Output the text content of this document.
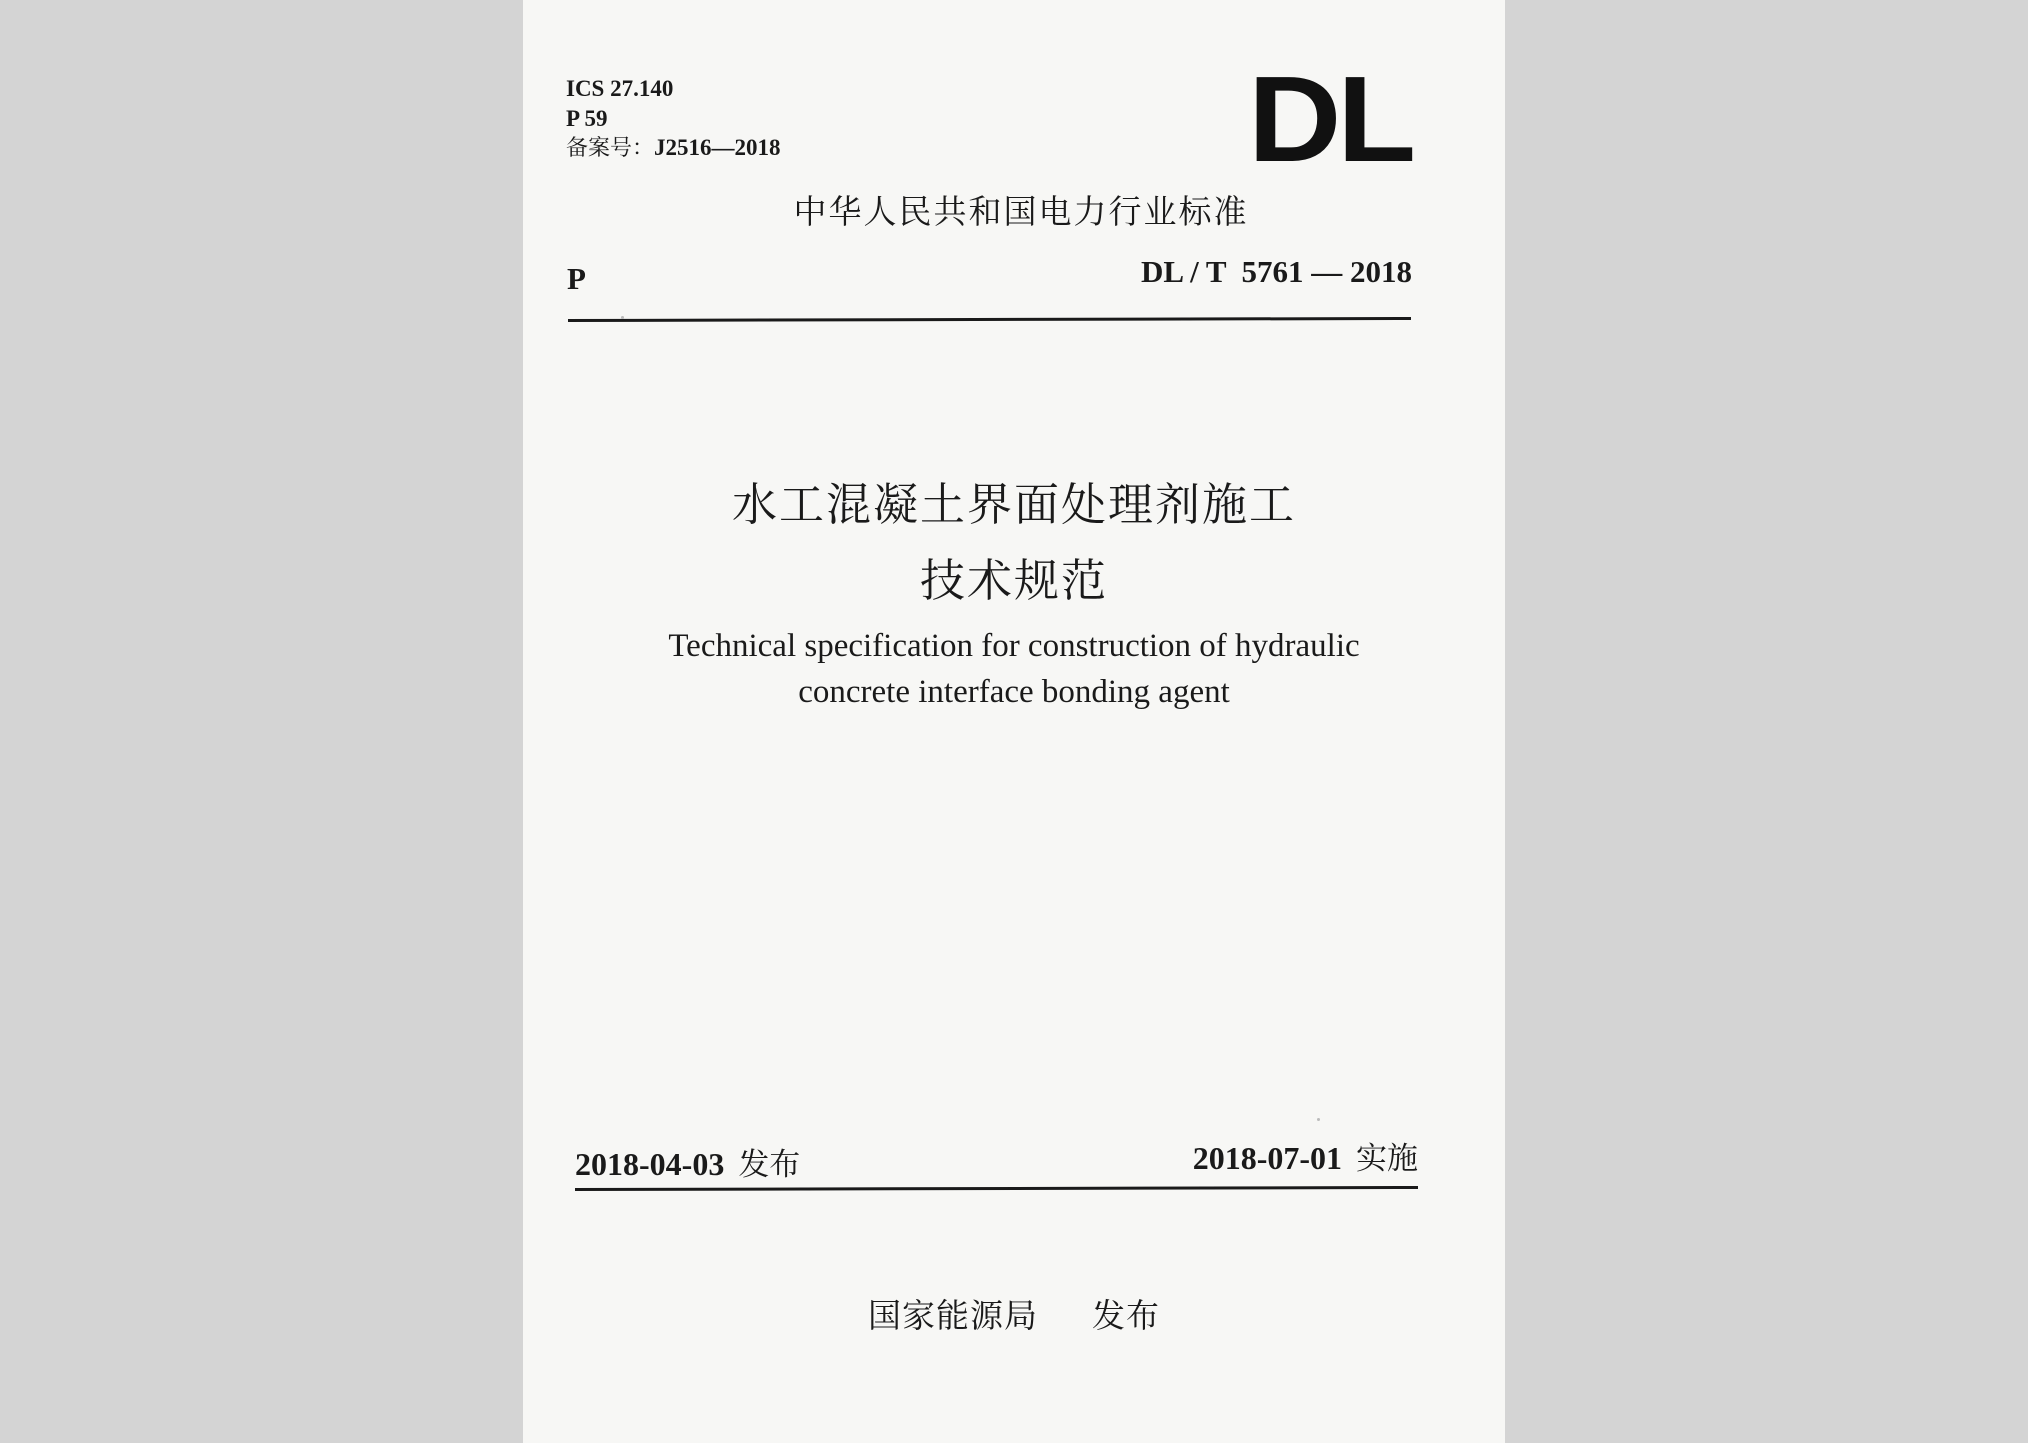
ICS 27.140
P 59
备案号：J2516—2018	DL
中华人民共和国电力行业标准
P	DL / T  5761 — 2018
水工混凝土界面处理剂施工
技术规范
Technical specification for construction of hydraulic
concrete interface bonding agent
2018-04-03 发布	2018-07-01 实施
国家能源局 发布
